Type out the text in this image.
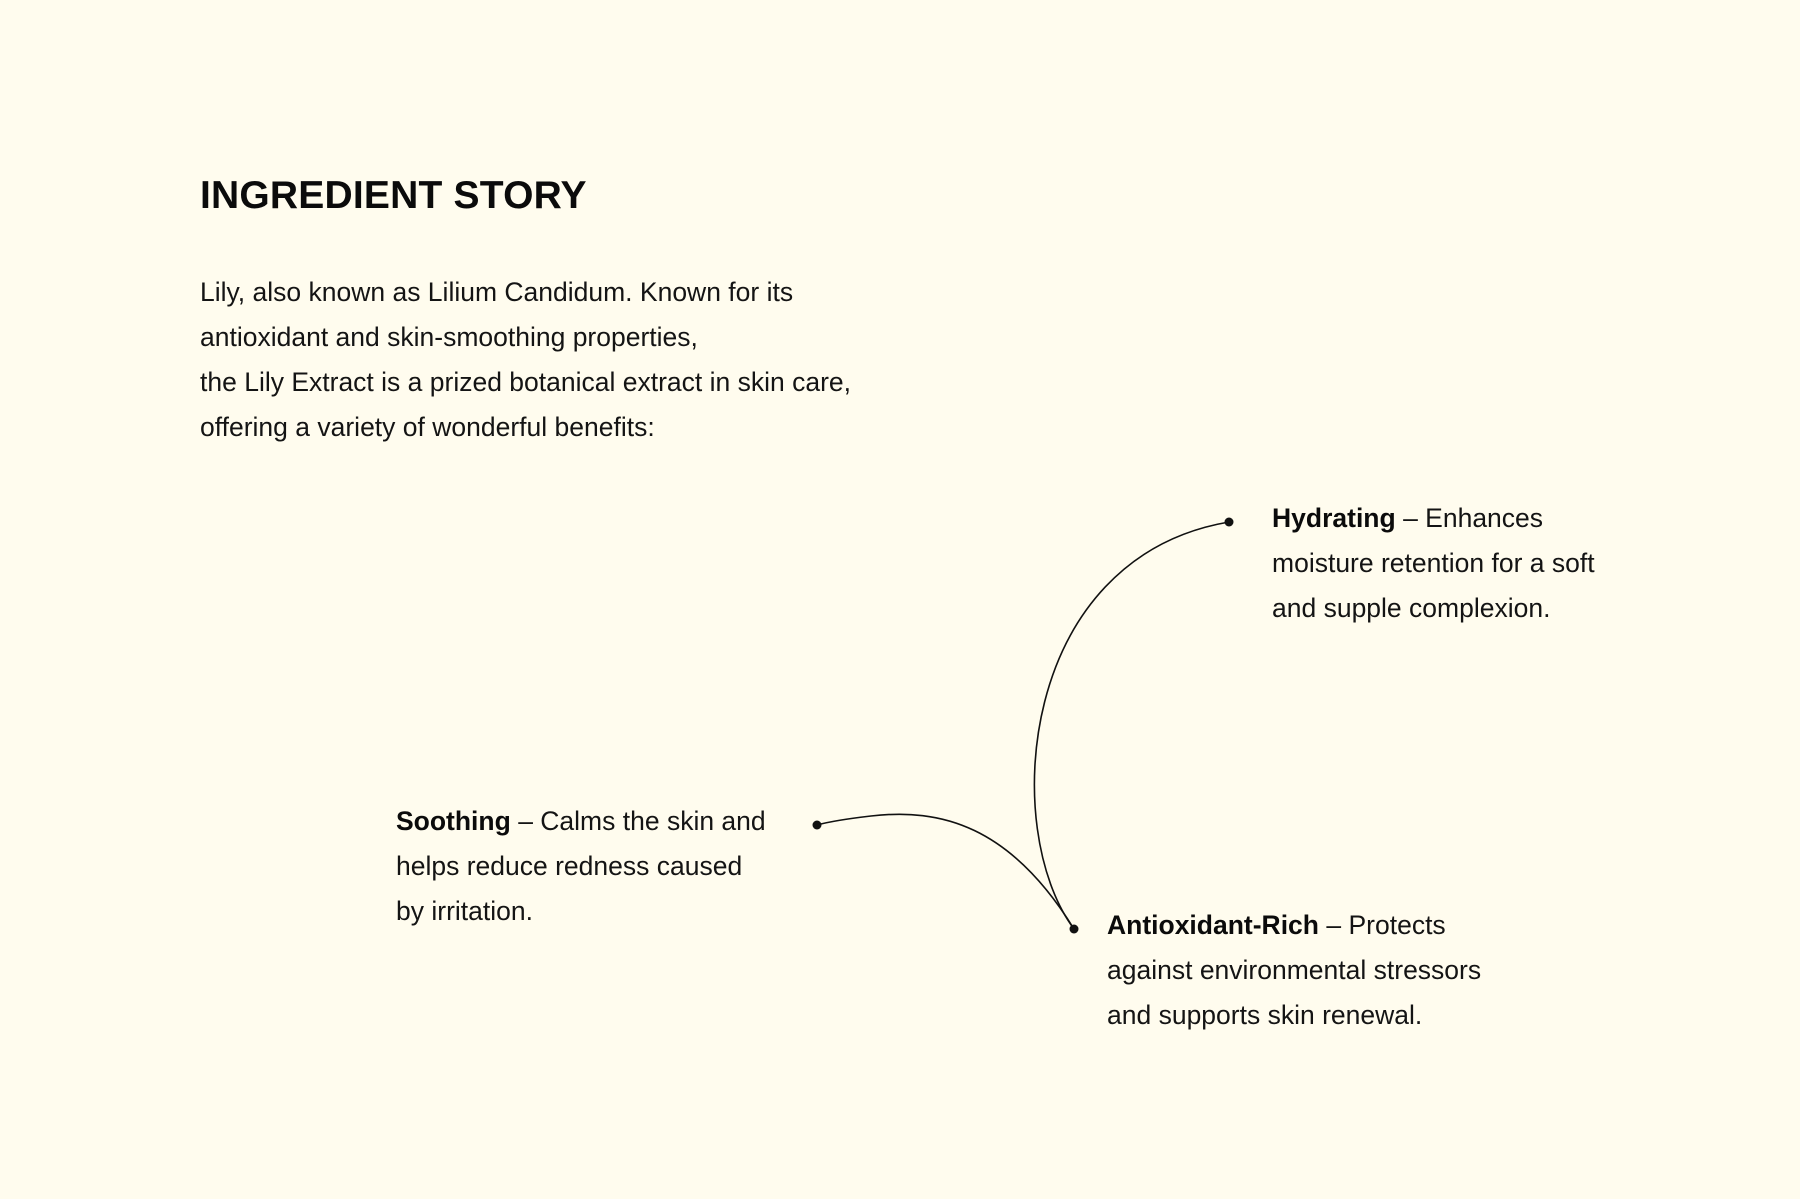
INGREDIENT STORY

Lily, also known as Lilium Candidum. Known for its
antioxidant and skin-smoothing properties,
the Lily Extract is a prized botanical extract in skin care,
offering a variety of wonderful benefits:

Hydrating – Enhances
moisture retention for a soft
and supple complexion.

Soothing – Calms the skin and
helps reduce redness caused
by irritation.	Antioxidant-Rich – Protects
against environmental stressors
and supports skin renewal.
